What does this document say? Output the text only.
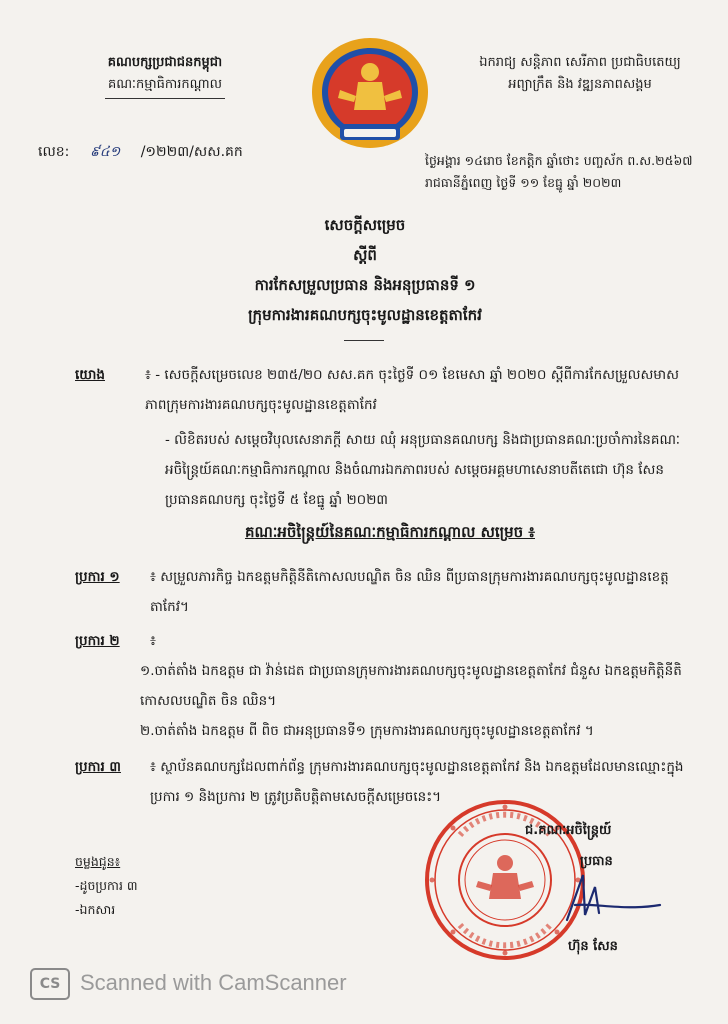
គណបក្សប្រជាជនកម្ពុជា
គណៈកម្មាធិការកណ្តាល
ឯករាជ្យ សន្តិភាព សេរីភាព ប្រជាធិបតេយ្យ
អព្យាក្រឹត និង វឌ្ឍនភាពសង្គម
លេខ: ៩៤១ /១២២៣/សស.គក
ថ្ងៃអង្គារ ១៤រោច ខែកត្តិក ឆ្នាំថោះ បញ្ចស័ក ព.ស.២៥៦៧
រាជធានីភ្នំពេញ ថ្ងៃទី ១១ ខែធ្នូ ឆ្នាំ ២០២៣
សេចក្តីសម្រេច
ស្តីពី
ការកែសម្រួលប្រធាន និងអនុប្រធានទី ១
ក្រុមការងារគណបក្សចុះមូលដ្ឋានខេត្តតាកែវ
យោង	៖ - សេចក្តីសម្រេចលេខ ២៣៥/២០ សស.គក ចុះថ្ងៃទី ០១ ខែមេសា ឆ្នាំ ២០២០ ស្តីពីការកែសម្រួលសមាសភាពក្រុមការងារគណបក្សចុះមូលដ្ឋានខេត្តតាកែវ
- លិខិតរបស់ សម្តេចវិបុលសេនាភក្តី សាយ ឈុំ អនុប្រធានគណបក្ស និងជាប្រធានគណៈប្រចាំការនៃគណៈអចិន្ត្រៃយ៍គណៈកម្មាធិការកណ្តាល និងចំណារឯកភាពរបស់ សម្តេចអគ្គមហាសេនាបតីតេជោ ហ៊ុន សែន ប្រធានគណបក្ស ចុះថ្ងៃទី ៥ ខែធ្នូ ឆ្នាំ ២០២៣
គណៈអចិន្ត្រៃយ៍នៃគណៈកម្មាធិការកណ្តាល សម្រេច ៖
ប្រការ ១ ៖ សម្រួលភារកិច្ច ឯកឧត្តមកិត្តិនីតិកោសលបណ្ឌិត ចិន ឈិន ពីប្រធានក្រុមការងារគណបក្សចុះមូលដ្ឋានខេត្តតាកែវ។
ប្រការ ២ ៖
១.ចាត់តាំង ឯកឧត្តម ជា វ៉ាន់ដេត ជាប្រធានក្រុមការងារគណបក្សចុះមូលដ្ឋានខេត្តតាកែវ ជំនួស ឯកឧត្តមកិត្តិនីតិកោសលបណ្ឌិត ចិន ឈិន។
២.ចាត់តាំង ឯកឧត្តម ពី ពិច ជាអនុប្រធានទី១ ក្រុមការងារគណបក្សចុះមូលដ្ឋានខេត្តតាកែវ ។
ប្រការ ៣ ៖ ស្ថាប័នគណបក្សដែលពាក់ព័ន្ធ ក្រុមការងារគណបក្សចុះមូលដ្ឋានខេត្តតាកែវ និង ឯកឧត្តមដែលមានឈ្មោះក្នុងប្រការ ១ និងប្រការ ២ ត្រូវប្រតិបត្តិតាមសេចក្តីសម្រេចនេះ។
ចម្លងជូន៖
-ដូចប្រការ ៣
-ឯកសារ
ជ.គណៈអចិន្ត្រៃយ៍
ប្រធាន
ហ៊ុន សែន
CS Scanned with CamScanner
